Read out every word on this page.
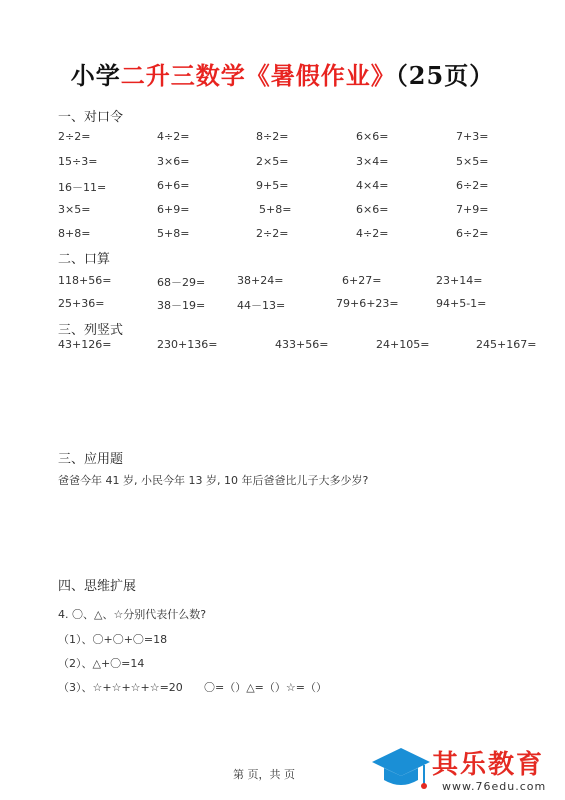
小学二升三数学《暑假作业》（25页）
一、对口令
2÷2=	4÷2=	8÷2=	6×6=	7+3=
15÷3=	3×6=	2×5=	3×4=	5×5=
16－11=	6+6=	9+5=	4×4=	6÷2=
3×5=	6+9=	5+8=	6×6=	7+9=
8+8=	5+8=	2÷2=	4÷2=	6÷2=
二、口算
118+56=	68－29=	38+24=	6+27=	23+14=
25+36=	38－19=	44－13=	79+6+23=	94+5-1=
三、列竖式
43+126=	230+136=	433+56=	24+105=	245+167=
三、应用题
爸爸今年 41 岁, 小民今年 13 岁, 10 年后爸爸比儿子大多少岁?
四、思维扩展
4. 〇、△、☆分别代表什么数?
（1）、〇+〇+〇=18
（2）、△+〇=14
（3）、☆+☆+☆+☆=20 〇=（）△=（）☆=（）
第 页，共 页	其乐教育
www.76edu.com
